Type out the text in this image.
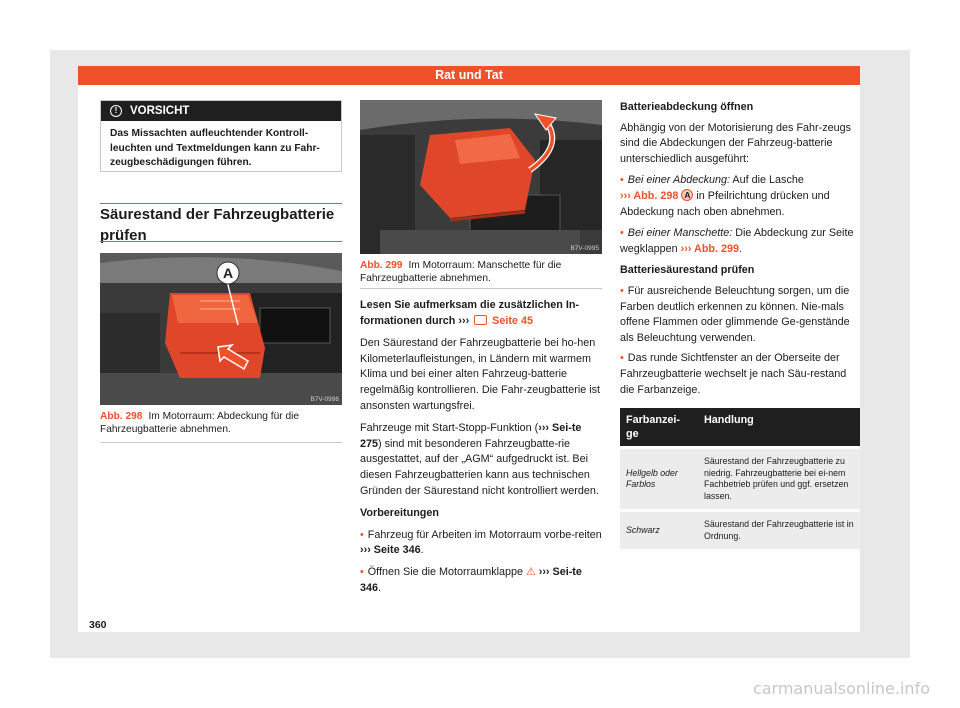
Rat und Tat
!	VORSICHT
Das Missachten aufleuchtender Kontroll-leuchten und Textmeldungen kann zu Fahr-zeugbeschädigungen führen.
Säurestand der Fahrzeugbatterie
prüfen
A
B7V-0996
Abb. 298 Im Motorraum: Abdeckung für die Fahrzeugbatterie abnehmen.
B7V-0995
Abb. 299 Im Motorraum: Manschette für die Fahrzeugbatterie abnehmen.
Lesen Sie aufmerksam die zusätzlichen In-formationen durch ››› Seite 45
Den Säurestand der Fahrzeugbatterie bei ho-hen Kilometerlaufleistungen, in Ländern mit warmem Klima und bei einer alten Fahrzeug-batterie regelmäßig kontrollieren. Die Fahr-zeugbatterie ist ansonsten wartungsfrei.
Fahrzeuge mit Start-Stopp-Funktion (››› Sei-te 275) sind mit besonderen Fahrzeugbatte-rie ausgestattet, auf der „AGM“ aufgedruckt ist. Bei diesen Fahrzeugbatterien kann aus technischen Gründen der Säurestand nicht kontrolliert werden.
Vorbereitungen
• Fahrzeug für Arbeiten im Motorraum vorbe-reiten ››› Seite 346.
• Öffnen Sie die Motorraumklappe ⚠ ››› Sei-te 346.
Batterieabdeckung öffnen
Abhängig von der Motorisierung des Fahr-zeugs sind die Abdeckungen der Fahrzeug-batterie unterschiedlich ausgeführt:
• Bei einer Abdeckung: Auf die Lasche
››› Abb. 298 A in Pfeilrichtung drücken und Abdeckung nach oben abnehmen.
• Bei einer Manschette: Die Abdeckung zur Seite wegklappen ››› Abb. 299.
Batteriesäurestand prüfen
• Für ausreichende Beleuchtung sorgen, um die Farben deutlich erkennen zu können. Nie-mals offene Flammen oder glimmende Ge-genstände als Beleuchtung verwenden.
• Das runde Sichtfenster an der Oberseite der Fahrzeugbatterie wechselt je nach Säu-restand die Farbanzeige.
Farbanzei-ge	Handlung
Hellgelb oder Farblos	Säurestand der Fahrzeugbatterie zu niedrig. Fahrzeugbatterie bei ei-nem Fachbetrieb prüfen und ggf. ersetzen lassen.
Schwarz	Säurestand der Fahrzeugbatterie ist in Ordnung.
360
carmanualsonline.info
